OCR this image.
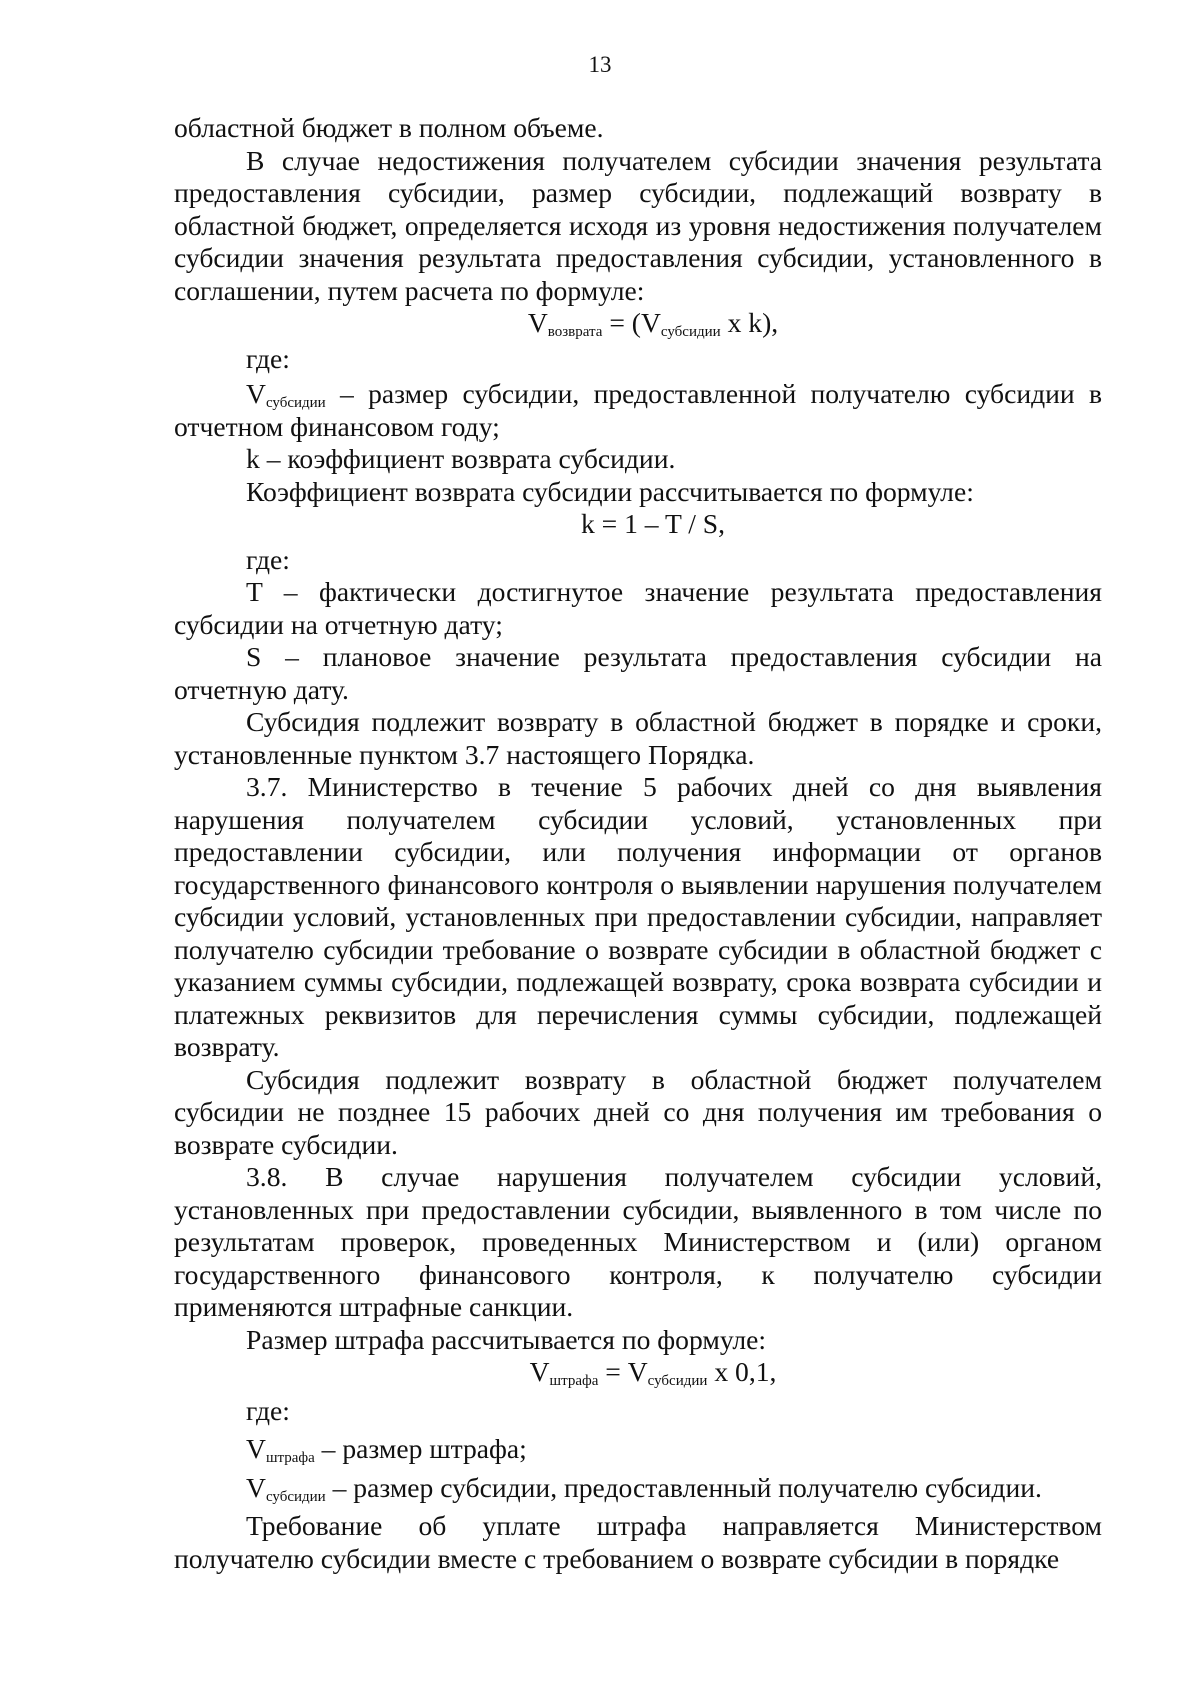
13

областной бюджет в полном объеме.

В случае недостижения получателем субсидии значения результата предоставления субсидии, размер субсидии, подлежащий возврату в областной бюджет, определяется исходя из уровня недостижения получателем субсидии значения результата предоставления субсидии, установленного в соглашении, путем расчета по формуле:

$V_{возврата} = (V_{субсидии}$ x k),

где:

$V_{субсидии}$ – размер субсидии, предоставленной получателю субсидии в отчетном финансовом году;

k – коэффициент возврата субсидии.

Коэффициент возврата субсидии рассчитывается по формуле:

k = 1 – T / S,

где:

T – фактически достигнутое значение результата предоставления субсидии на отчетную дату;

S – плановое значение результата предоставления субсидии на отчетную дату.

Субсидия подлежит возврату в областной бюджет в порядке и сроки, установленные пунктом 3.7 настоящего Порядка.

3.7. Министерство в течение 5 рабочих дней со дня выявления нарушения получателем субсидии условий, установленных при предоставлении субсидии, или получения информации от органов государственного финансового контроля о выявлении нарушения получателем субсидии условий, установленных при предоставлении субсидии, направляет получателю субсидии требование о возврате субсидии в областной бюджет с указанием суммы субсидии, подлежащей возврату, срока возврата субсидии и платежных реквизитов для перечисления суммы субсидии, подлежащей возврату.

Субсидия подлежит возврату в областной бюджет получателем субсидии не позднее 15 рабочих дней со дня получения им требования о возврате субсидии.

3.8. В случае нарушения получателем субсидии условий, установленных при предоставлении субсидии, выявленного в том числе по результатам проверок, проведенных Министерством и (или) органом государственного финансового контроля, к получателю субсидии применяются штрафные санкции.

Размер штрафа рассчитывается по формуле:

$V_{штрафа} = V_{субсидии}$ x 0,1,

где:

$V_{штрафа}$ – размер штрафа;

$V_{субсидии}$ – размер субсидии, предоставленный получателю субсидии.

Требование об уплате штрафа направляется Министерством получателю субсидии вместе с требованием о возврате субсидии в порядке
